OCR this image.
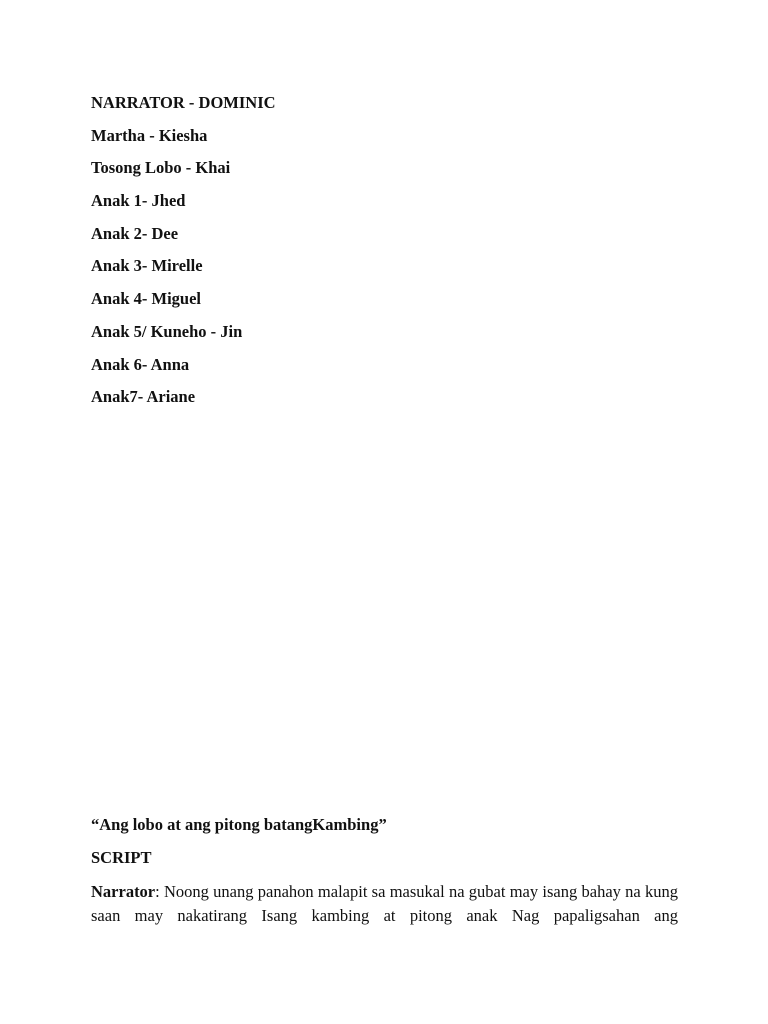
NARRATOR - DOMINIC
Martha - Kiesha
Tosong Lobo - Khai
Anak 1- Jhed
Anak 2- Dee
Anak 3- Mirelle
Anak 4- Miguel
Anak 5/ Kuneho - Jin
Anak 6- Anna
Anak7- Ariane
“Ang lobo at ang pitong batangKambing”
SCRIPT

Narrator: Noong unang panahon malapit sa masukal na gubat may isang bahay na kung saan may nakatirang Isang kambing at pitong anak Nag papaligsahan ang
